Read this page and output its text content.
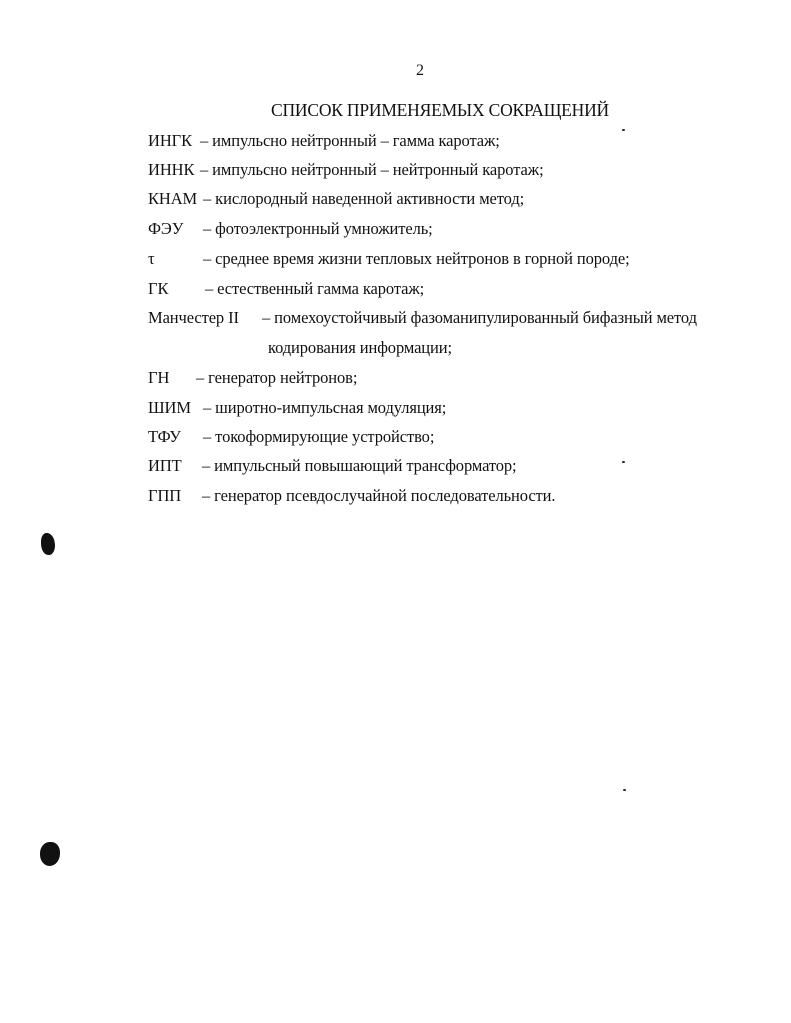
2
СПИСОК ПРИМЕНЯЕМЫХ СОКРАЩЕНИЙ
ИНГК – импульсно нейтронный – гамма каротаж;
ИННК – импульсно нейтронный – нейтронный каротаж;
КНАМ – кислородный наведенной активности метод;
ФЭУ – фотоэлектронный умножитель;
τ	– среднее время жизни тепловых нейтронов в горной породе;
ГК – естественный гамма каротаж;
Манчестер II – помехоустойчивый фазоманипулированный бифазный метод
кодирования информации;
ГН – генератор нейтронов;
ШИМ – широтно-импульсная модуляция;
ТФУ – токоформирующие устройство;
ИПТ – импульсный повышающий трансформатор;
ГПП – генератор псевдослучайной последовательности.
